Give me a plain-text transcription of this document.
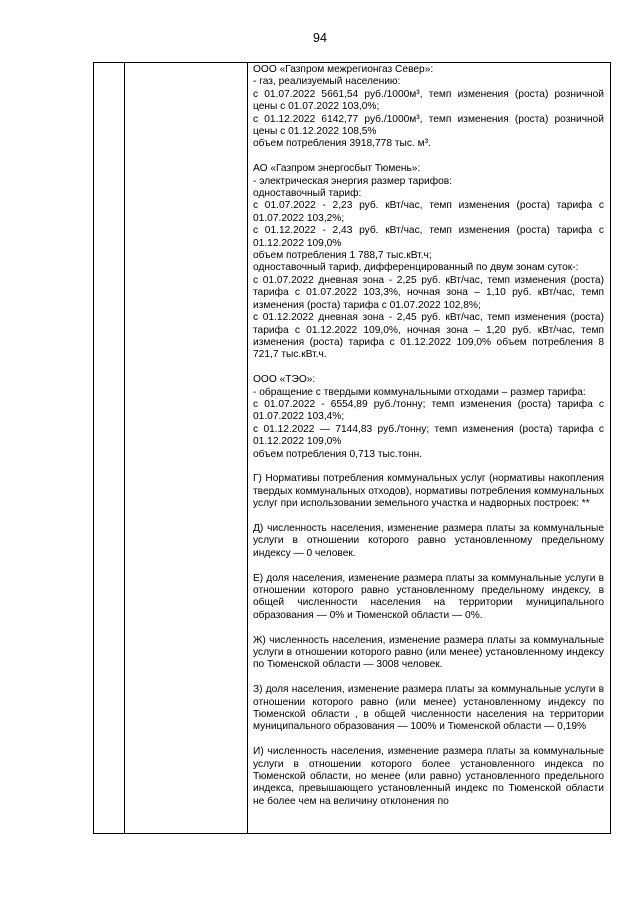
94

ООО «Газпром межрегионгаз Север»:

- газ, реализуемый населению:

с 01.07.2022 5661,54 руб./1000м³, темп изменения (роста) розничной цены с 01.07.2022 103,0%;

с 01.12.2022 6142,77 руб./1000м³, темп изменения (роста) розничной цены с 01.12.2022 108,5%

объем потребления 3918,778 тыс. м³.

АО «Газпром энергосбыт Тюмень»:

- электрическая энергия размер тарифов:

одноставочный тариф:

с 01.07.2022 - 2,23 руб. кВт/час, темп изменения (роста) тарифа с 01.07.2022 103,2%;

с 01.12.2022 - 2,43 руб. кВт/час, темп изменения (роста) тарифа с 01.12.2022 109,0%

объем потребления 1 788,7 тыс.кВт.ч;

одноставочный тариф, дифференцированный по двум зонам суток-:

с 01.07.2022 дневная зона - 2,25 руб. кВт/час, темп изменения (роста) тарифа с 01.07.2022 103,3%, ночная зона – 1,10 руб. кВт/час, темп изменения (роста) тарифа с 01.07.2022 102,8%;

с 01.12.2022 дневная зона - 2,45 руб. кВт/час, темп изменения (роста) тарифа с 01.12.2022 109,0%, ночная зона – 1,20 руб. кВт/час, темп изменения (роста) тарифа с 01.12.2022 109,0% объем потребления 8 721,7 тыс.кВт.ч.

ООО «ТЭО»:

- обращение с твердыми коммунальными отходами – размер тарифа:

с 01.07.2022 - 6554,89 руб./тонну; темп изменения (роста) тарифа с 01.07.2022 103,4%;

с 01.12.2022 — 7144,83 руб./тонну; темп изменения (роста) тарифа с 01.12.2022 109,0%

объем потребления 0,713 тыс.тонн.

Г) Нормативы потребления коммунальных услуг (нормативы накопления твердых коммунальных отходов), нормативы потребления коммунальных услуг при использовании земельного участка и надворных построек: **

Д) численность населения, изменение размера платы за коммунальные услуги в отношении которого равно установленному предельному индексу — 0 человек.

Е) доля населения, изменение размера платы за коммунальные услуги в отношении которого равно установленному предельному индексу, в общей численности населения на территории муниципального образования — 0% и Тюменской области — 0%.

Ж) численность населения, изменение размера платы за коммунальные услуги в отношении которого равно (или менее) установленному индексу по Тюменской области — 3008 человек.

З) доля населения, изменение размера платы за коммунальные услуги в отношении которого равно (или менее) установленному индексу по Тюменской области , в общей численности населения на территории муниципального образования — 100% и Тюменской области — 0,19%

И) численность населения, изменение размера платы за коммунальные услуги в отношении которого более установленного индекса по Тюменской области, но менее (или равно) установленного предельного индекса, превышающего установленный индекс по Тюменской области не более чем на величину отклонения по
